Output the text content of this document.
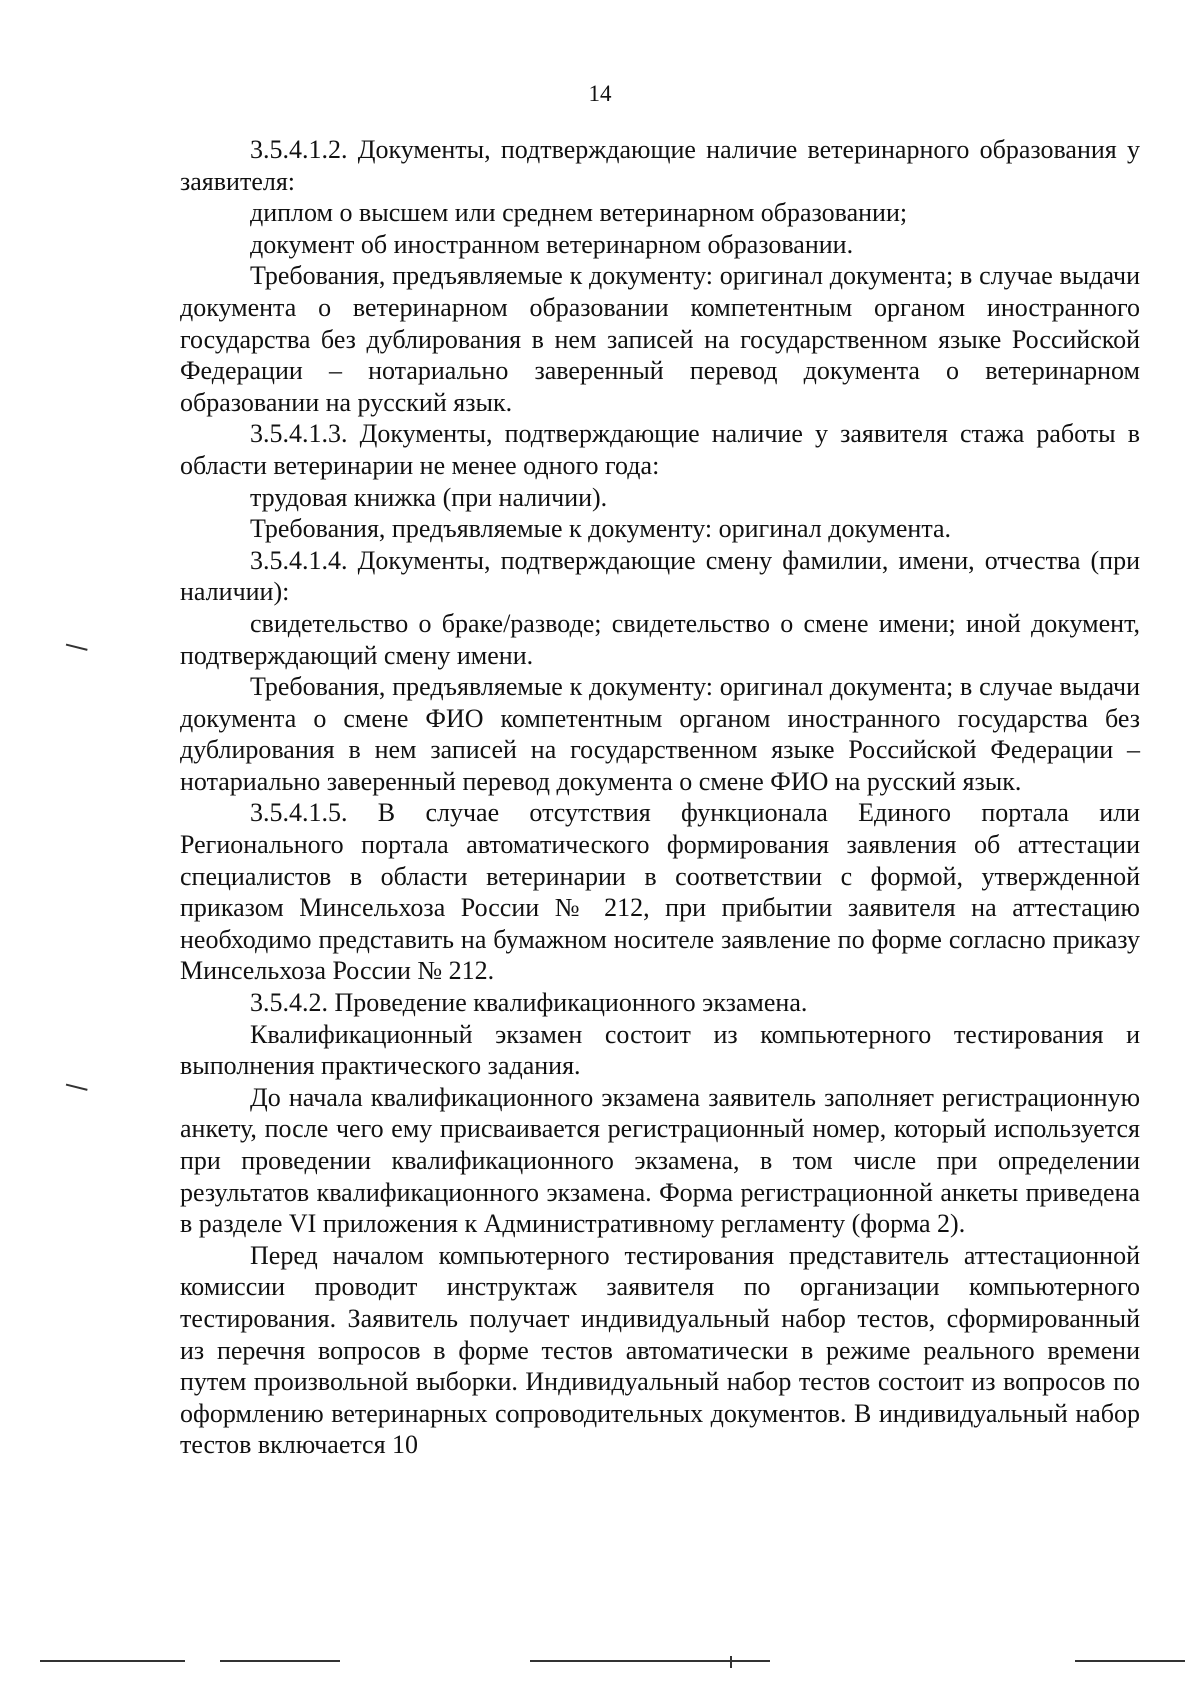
14

3.5.4.1.2. Документы, подтверждающие наличие ветеринарного образования у заявителя:

диплом о высшем или среднем ветеринарном образовании;

документ об иностранном ветеринарном образовании.

Требования, предъявляемые к документу: оригинал документа; в случае выдачи документа о ветеринарном образовании компетентным органом иностранного государства без дублирования в нем записей на государственном языке Российской Федерации – нотариально заверенный перевод документа о ветеринарном образовании на русский язык.

3.5.4.1.3. Документы, подтверждающие наличие у заявителя стажа работы в области ветеринарии не менее одного года:

трудовая книжка (при наличии).

Требования, предъявляемые к документу: оригинал документа.

3.5.4.1.4. Документы, подтверждающие смену фамилии, имени, отчества (при наличии):

свидетельство о браке/разводе; свидетельство о смене имени; иной документ, подтверждающий смену имени.

Требования, предъявляемые к документу: оригинал документа; в случае выдачи документа о смене ФИО компетентным органом иностранного государства без дублирования в нем записей на государственном языке Российской Федерации – нотариально заверенный перевод документа о смене ФИО на русский язык.

3.5.4.1.5. В случае отсутствия функционала Единого портала или Регионального портала автоматического формирования заявления об аттестации специалистов в области ветеринарии в соответствии с формой, утвержденной приказом Минсельхоза России № 212, при прибытии заявителя на аттестацию необходимо представить на бумажном носителе заявление по форме согласно приказу Минсельхоза России № 212.

3.5.4.2. Проведение квалификационного экзамена.

Квалификационный экзамен состоит из компьютерного тестирования и выполнения практического задания.

До начала квалификационного экзамена заявитель заполняет регистрационную анкету, после чего ему присваивается регистрационный номер, который используется при проведении квалификационного экзамена, в том числе при определении результатов квалификационного экзамена. Форма регистрационной анкеты приведена в разделе VI приложения к Административному регламенту (форма 2).

Перед началом компьютерного тестирования представитель аттестационной комиссии проводит инструктаж заявителя по организации компьютерного тестирования. Заявитель получает индивидуальный набор тестов, сформированный из перечня вопросов в форме тестов автоматически в режиме реального времени путем произвольной выборки. Индивидуальный набор тестов состоит из вопросов по оформлению ветеринарных сопроводительных документов. В индивидуальный набор тестов включается 10
